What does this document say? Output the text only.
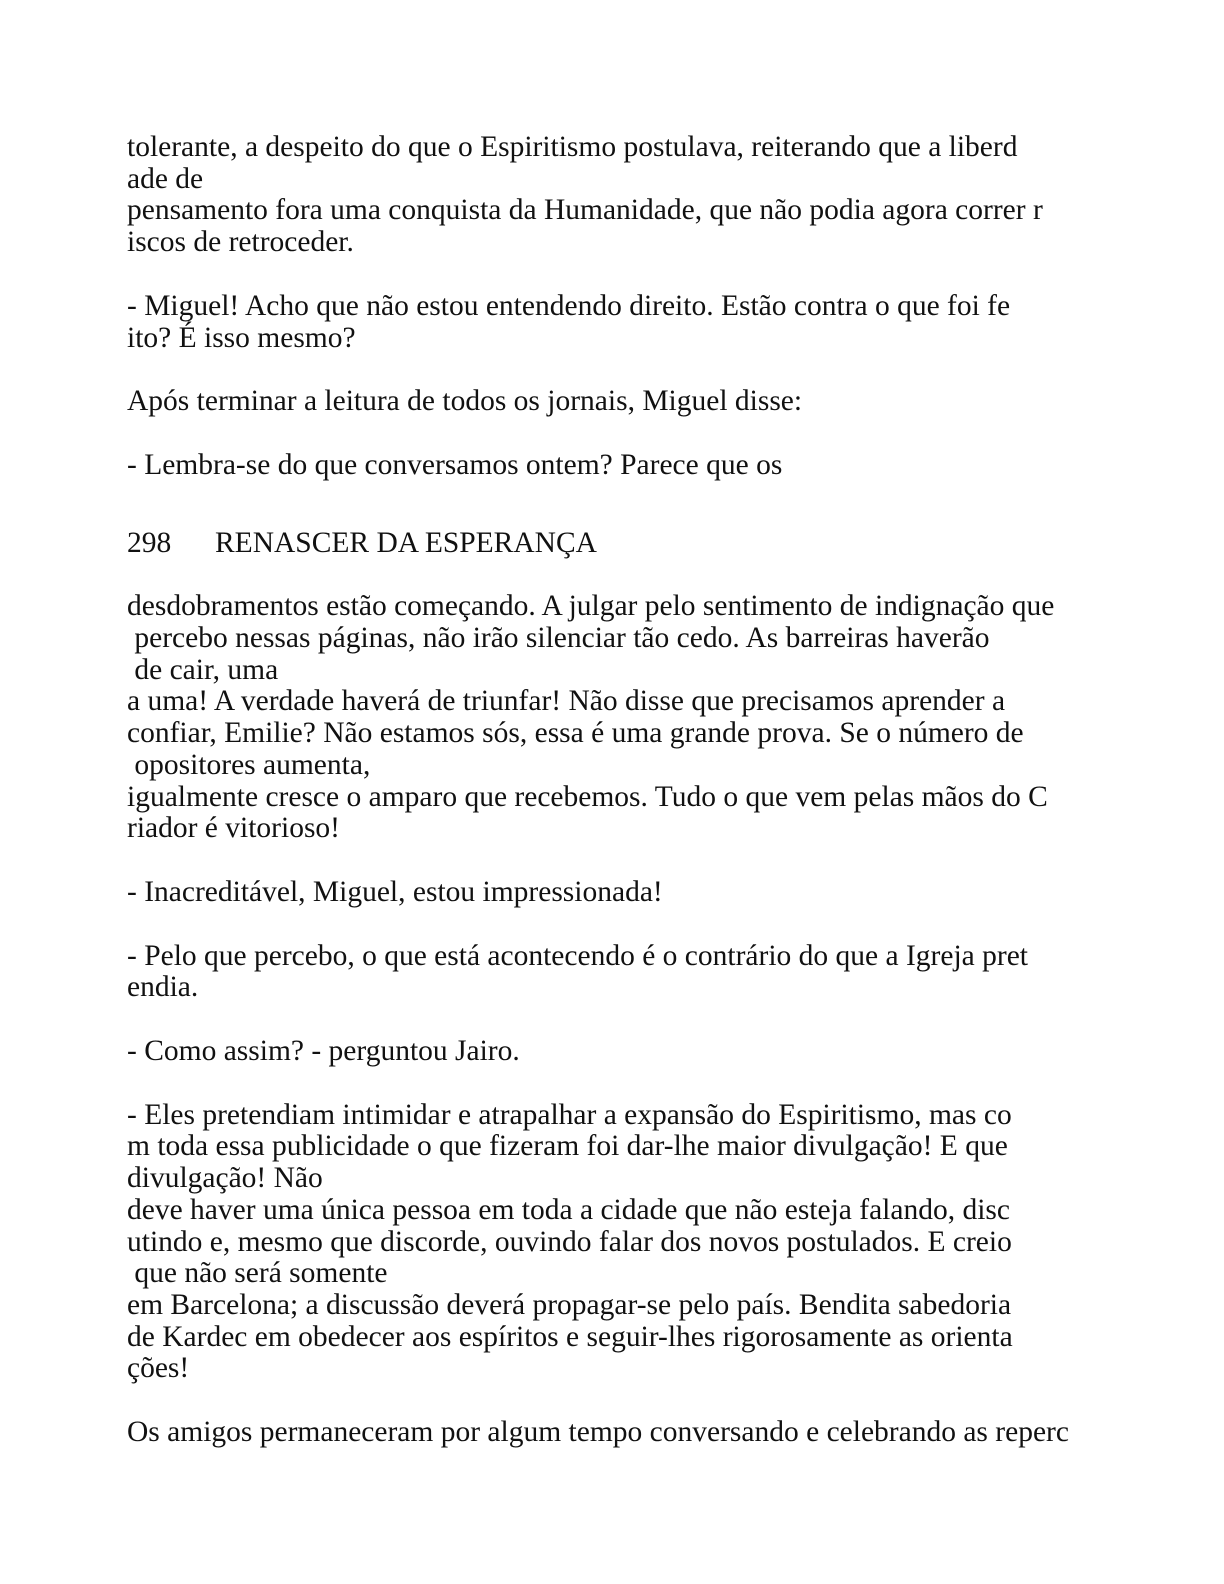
tolerante, a despeito do que o Espiritismo postulava, reiterando que a liberd
ade de
pensamento fora uma conquista da Humanidade, que não podia agora correr r
iscos de retroceder.
- Miguel! Acho que não estou entendendo direito. Estão contra o que foi fe
ito? É isso mesmo?
Após terminar a leitura de todos os jornais, Miguel disse:
- Lembra-se do que conversamos ontem? Parece que os
298 RENASCER DA ESPERANÇA
desdobramentos estão começando. A julgar pelo sentimento de indignação que
percebo nessas páginas, não irão silenciar tão cedo. As barreiras haverão
de cair, uma
a uma! A verdade haverá de triunfar! Não disse que precisamos aprender a
confiar, Emilie? Não estamos sós, essa é uma grande prova. Se o número de
opositores aumenta,
igualmente cresce o amparo que recebemos. Tudo o que vem pelas mãos do C
riador é vitorioso!
- Inacreditável, Miguel, estou impressionada!
- Pelo que percebo, o que está acontecendo é o contrário do que a Igreja pret
endia.
- Como assim? - perguntou Jairo.
- Eles pretendiam intimidar e atrapalhar a expansão do Espiritismo, mas co
m toda essa publicidade o que fizeram foi dar-lhe maior divulgação! E que
divulgação! Não
deve haver uma única pessoa em toda a cidade que não esteja falando, disc
utindo e, mesmo que discorde, ouvindo falar dos novos postulados. E creio
que não será somente
em Barcelona; a discussão deverá propagar-se pelo país. Bendita sabedoria
de Kardec em obedecer aos espíritos e seguir-lhes rigorosamente as orienta
ções!
Os amigos permaneceram por algum tempo conversando e celebrando as reperc
